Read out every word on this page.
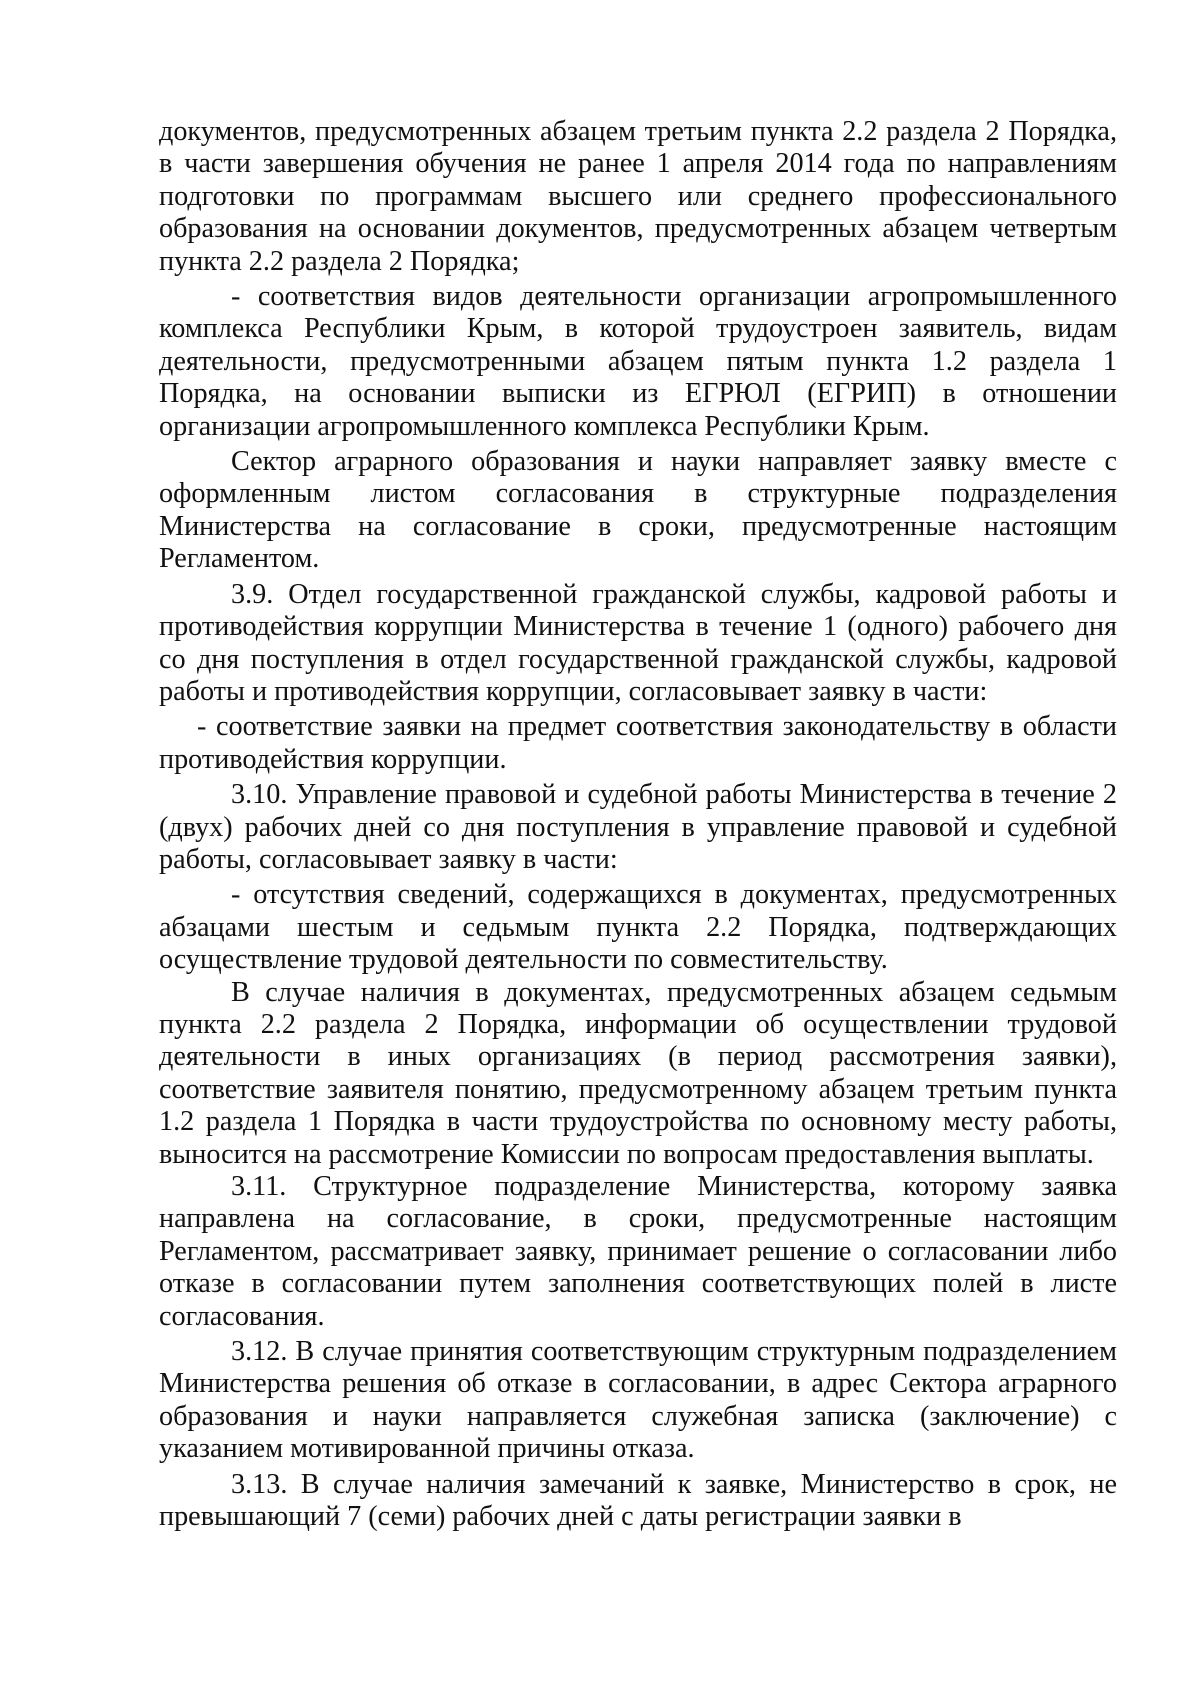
документов, предусмотренных абзацем третьим пункта 2.2 раздела 2 Порядка, в части завершения обучения не ранее 1 апреля 2014 года по направлениям подготовки по программам высшего или среднего профессионального образования на основании документов, предусмотренных абзацем четвертым пункта 2.2 раздела 2 Порядка;

- соответствия видов деятельности организации агропромышленного комплекса Республики Крым, в которой трудоустроен заявитель, видам деятельности, предусмотренными абзацем пятым пункта 1.2 раздела 1 Порядка, на основании выписки из ЕГРЮЛ (ЕГРИП) в отношении организации агропромышленного комплекса Республики Крым.

Сектор аграрного образования и науки направляет заявку вместе с оформленным листом согласования в структурные подразделения Министерства на согласование в сроки, предусмотренные настоящим Регламентом.

3.9. Отдел государственной гражданской службы, кадровой работы и противодействия коррупции Министерства в течение 1 (одного) рабочего дня со дня поступления в отдел государственной гражданской службы, кадровой работы и противодействия коррупции, согласовывает заявку в части:

- соответствие заявки на предмет соответствия законодательству в области противодействия коррупции.

3.10. Управление правовой и судебной работы Министерства в течение 2 (двух) рабочих дней со дня поступления в управление правовой и судебной работы, согласовывает заявку в части:

- отсутствия сведений, содержащихся в документах, предусмотренных абзацами шестым и седьмым пункта 2.2 Порядка, подтверждающих осуществление трудовой деятельности по совместительству.

В случае наличия в документах, предусмотренных абзацем седьмым пункта 2.2 раздела 2 Порядка, информации об осуществлении трудовой деятельности в иных организациях (в период рассмотрения заявки), соответствие заявителя понятию, предусмотренному абзацем третьим пункта 1.2 раздела 1 Порядка в части трудоустройства по основному месту работы, выносится на рассмотрение Комиссии по вопросам предоставления выплаты.

3.11. Структурное подразделение Министерства, которому заявка направлена на согласование, в сроки, предусмотренные настоящим Регламентом, рассматривает заявку, принимает решение о согласовании либо отказе в согласовании путем заполнения соответствующих полей в листе согласования.

3.12. В случае принятия соответствующим структурным подразделением Министерства решения об отказе в согласовании, в адрес Сектора аграрного образования и науки направляется служебная записка (заключение) с указанием мотивированной причины отказа.

3.13. В случае наличия замечаний к заявке, Министерство в срок, не превышающий 7 (семи) рабочих дней с даты регистрации заявки в
